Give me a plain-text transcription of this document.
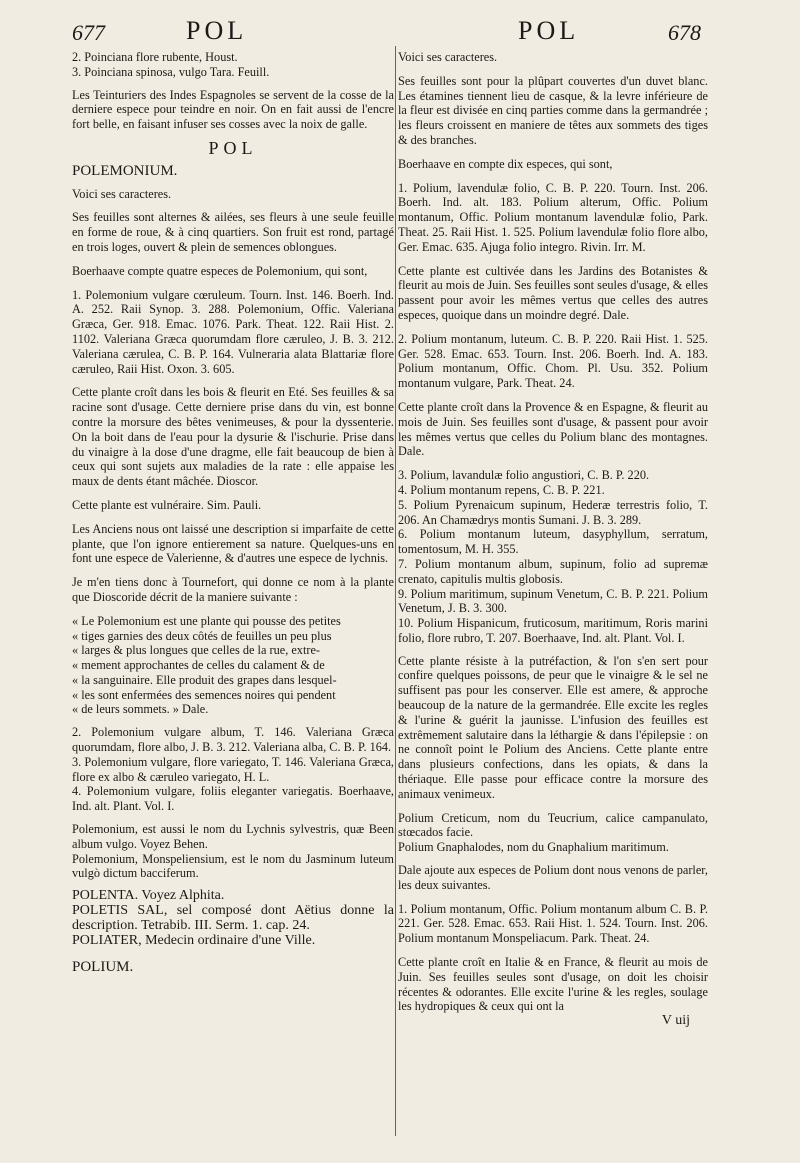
677	POL	POL	678

2. Poinciana flore rubente, Houst.

3. Poinciana spinosa, vulgo Tara. Feuill.

Les Teinturiers des Indes Espagnoles se servent de la cosse de la derniere espece pour teindre en noir. On en fait aussi de l'encre fort belle, en faisant infuser ses cosses avec la noix de galle.

POL

POLEMONIUM.

Voici ses caracteres.

Ses feuilles sont alternes & ailées, ses fleurs à une seule feuille en forme de roue, & à cinq quartiers. Son fruit est rond, partagé en trois loges, ouvert & plein de semences oblongues.

Boerhaave compte quatre especes de Polemonium, qui sont,

1. Polemonium vulgare cœruleum. Tourn. Inst. 146. Boerh. Ind. A. 252. Raii Synop. 3. 288. Polemonium, Offic. Valeriana Græca, Ger. 918. Emac. 1076. Park. Theat. 122. Raii Hist. 2. 1102. Valeriana Græca quorumdam flore cæruleo, J. B. 3. 212. Valeriana cærulea, C. B. P. 164. Vulneraria alata Blattariæ flore cæruleo, Raii Hist. Oxon. 3. 605.

Cette plante croît dans les bois & fleurit en Eté. Ses feuilles & sa racine sont d'usage. Cette derniere prise dans du vin, est bonne contre la morsure des bêtes venimeuses, & pour la dyssenterie. On la boit dans de l'eau pour la dysurie & l'ischurie. Prise dans du vinaigre à la dose d'une dragme, elle fait beaucoup de bien à ceux qui sont sujets aux maladies de la rate : elle appaise les maux de dents étant mâchée. Dioscor.

Cette plante est vulnéraire. Sim. Pauli.

Les Anciens nous ont laissé une description si imparfaite de cette plante, que l'on ignore entierement sa nature. Quelques-uns en font une espece de Valerienne, & d'autres une espece de lychnis.

Je m'en tiens donc à Tournefort, qui donne ce nom à la plante que Dioscoride décrit de la maniere suivante :

« Le Polemonium est une plante qui pousse des petites

« tiges garnies des deux côtés de feuilles un peu plus

« larges & plus longues que celles de la rue, extre-

« mement approchantes de celles du calament & de

« la sanguinaire. Elle produit des grapes dans lesquel-

« les sont enfermées des semences noires qui pendent

« de leurs sommets. » Dale.

2. Polemonium vulgare album, T. 146. Valeriana Græca quorumdam, flore albo, J. B. 3. 212. Valeriana alba, C. B. P. 164.

3. Polemonium vulgare, flore variegato, T. 146. Valeriana Græca, flore ex albo & cæruleo variegato, H. L.

4. Polemonium vulgare, foliis eleganter variegatis. Boerhaave, Ind. alt. Plant. Vol. I.

Polemonium, est aussi le nom du Lychnis sylvestris, quæ Been album vulgo. Voyez Behen.

Polemonium, Monspeliensium, est le nom du Jasminum luteum vulgò dictum bacciferum.

POLENTA. Voyez Alphita.

POLETIS SAL, sel composé dont Aëtius donne la description. Tetrabib. III. Serm. 1. cap. 24.

POLIATER, Medecin ordinaire d'une Ville.

POLIUM.

Voici ses caracteres.

Ses feuilles sont pour la plûpart couvertes d'un duvet blanc. Les étamines tiennent lieu de casque, & la levre inférieure de la fleur est divisée en cinq parties comme dans la germandrée ; les fleurs croissent en maniere de têtes aux sommets des tiges & des branches.

Boerhaave en compte dix especes, qui sont,

1. Polium, lavendulæ folio, C. B. P. 220. Tourn. Inst. 206. Boerh. Ind. alt. 183. Polium alterum, Offic. Polium montanum, Offic. Polium montanum lavendulæ folio, Park. Theat. 25. Raii Hist. 1. 525. Polium lavendulæ folio flore albo, Ger. Emac. 635. Ajuga folio integro. Rivin. Irr. M.

Cette plante est cultivée dans les Jardins des Botanistes & fleurit au mois de Juin. Ses feuilles sont seules d'usage, & elles passent pour avoir les mêmes vertus que celles des autres especes, quoique dans un moindre degré. Dale.

2. Polium montanum, luteum. C. B. P. 220. Raii Hist. 1. 525. Ger. 528. Emac. 653. Tourn. Inst. 206. Boerh. Ind. A. 183. Polium montanum, Offic. Chom. Pl. Usu. 352. Polium montanum vulgare, Park. Theat. 24.

Cette plante croît dans la Provence & en Espagne, & fleurit au mois de Juin. Ses feuilles sont d'usage, & passent pour avoir les mêmes vertus que celles du Polium blanc des montagnes. Dale.

3. Polium, lavandulæ folio angustiori, C. B. P. 220.

4. Polium montanum repens, C. B. P. 221.

5. Polium Pyrenaicum supinum, Hederæ terrestris folio, T. 206. An Chamædrys montis Sumani. J. B. 3. 289.

6. Polium montanum luteum, dasyphyllum, serratum, tomentosum, M. H. 355.

7. Polium montanum album, supinum, folio ad supremæ crenato, capitulis multis globosis.

9. Polium maritimum, supinum Venetum, C. B. P. 221. Polium Venetum, J. B. 3. 300.

10. Polium Hispanicum, fruticosum, maritimum, Roris marini folio, flore rubro, T. 207. Boerhaave, Ind. alt. Plant. Vol. I.

Cette plante résiste à la putréfaction, & l'on s'en sert pour confire quelques poissons, de peur que le vinaigre & le sel ne suffisent pas pour les conserver. Elle est amere, & approche beaucoup de la nature de la germandrée. Elle excite les regles & l'urine & guérit la jaunisse. L'infusion des feuilles est extrêmement salutaire dans la léthargie & dans l'épilepsie : on ne connoît point le Polium des Anciens. Cette plante entre dans plusieurs confections, dans les opiats, & dans la thériaque. Elle passe pour efficace contre la morsure des animaux venimeux.

Polium Creticum, nom du Teucrium, calice campanulato, stœcados facie.

Polium Gnaphalodes, nom du Gnaphalium maritimum.

Dale ajoute aux especes de Polium dont nous venons de parler, les deux suivantes.

1. Polium montanum, Offic. Polium montanum album C. B. P. 221. Ger. 528. Emac. 653. Raii Hist. 1. 524. Tourn. Inst. 206. Polium montanum Monspeliacum. Park. Theat. 24.

Cette plante croît en Italie & en France, & fleurit au mois de Juin. Ses feuilles seules sont d'usage, on doit les choisir récentes & odorantes. Elle excite l'urine & les regles, soulage les hydropiques & ceux qui ont la

V uij
